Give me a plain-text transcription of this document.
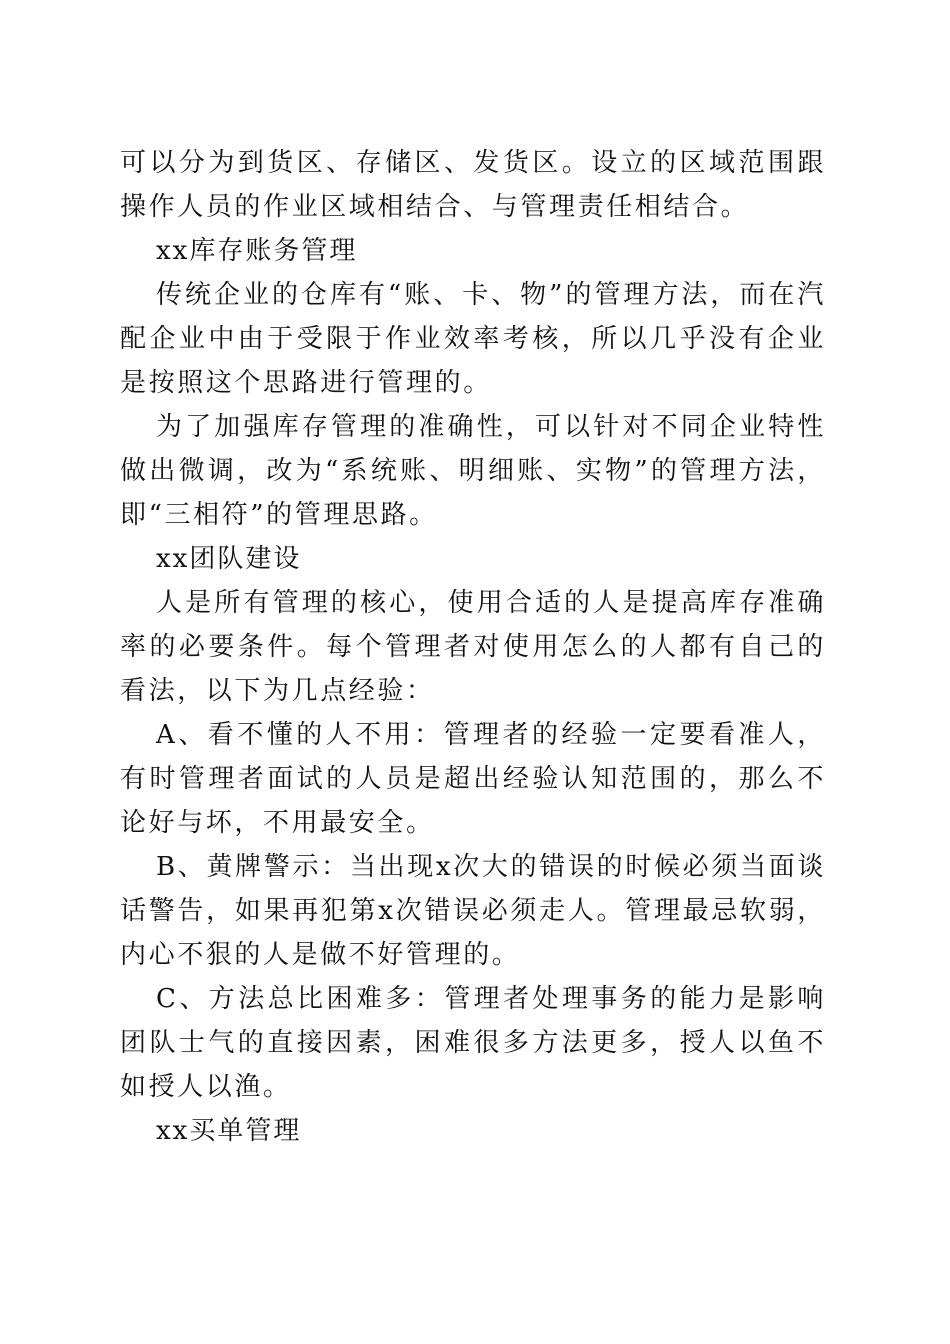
可以分为到货区、存储区、发货区。设立的区域范围跟操作人员的作业区域相结合、与管理责任相结合。

xx库存账务管理

传统企业的仓库有“账、卡、物”的管理方法，而在汽配企业中由于受限于作业效率考核，所以几乎没有企业是按照这个思路进行管理的。

为了加强库存管理的准确性，可以针对不同企业特性做出微调，改为“系统账、明细账、实物”的管理方法，即“三相符”的管理思路。

xx团队建设

人是所有管理的核心，使用合适的人是提高库存准确率的必要条件。每个管理者对使用怎么的人都有自己的看法，以下为几点经验：

A、看不懂的人不用：管理者的经验一定要看准人，有时管理者面试的人员是超出经验认知范围的，那么不论好与坏，不用最安全。

B、黄牌警示：当出现x次大的错误的时候必须当面谈话警告，如果再犯第x次错误必须走人。管理最忌软弱，内心不狠的人是做不好管理的。

C、方法总比困难多：管理者处理事务的能力是影响团队士气的直接因素，困难很多方法更多，授人以鱼不如授人以渔。

xx买单管理
